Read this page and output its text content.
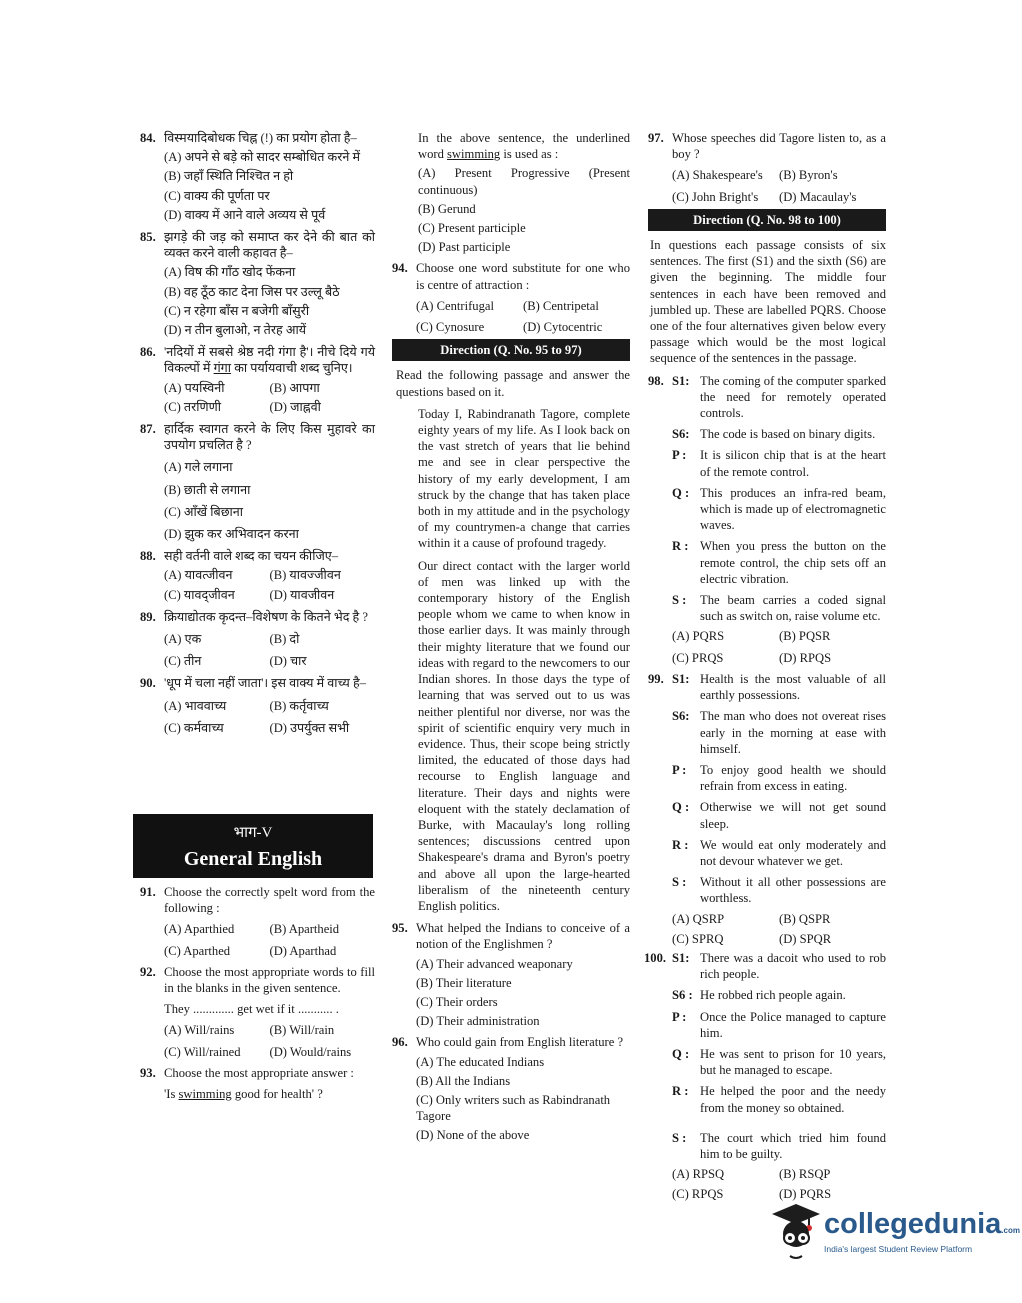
84. विस्मयादिबोधक चिह्न (!) का प्रयोग होता है–
(A) अपने से बड़े को सादर सम्बोधित करने में
(B) जहाँ स्थिति निश्चित न हो
(C) वाक्य की पूर्णता पर
(D) वाक्य में आने वाले अव्यय से पूर्व
85. झगड़े की जड़ को समाप्त कर देने की बात को व्यक्त करने वाली कहावत है–
(A) विष की गाँठ खोद फेंकना
(B) वह ठूँठ काट देना जिस पर उल्लू बैठे
(C) न रहेगा बाँस न बजेगी बाँसुरी
(D) न तीन बुलाओ, न तेरह आयें
86. 'नदियों में सबसे श्रेष्ठ नदी गंगा है'। नीचे दिये गये विकल्पों में गंगा का पर्यायवाची शब्द चुनिए।
(A) पयस्विनी	(B) आपगा
(C) तरणिणी	(D) जाह्नवी
87. हार्दिक स्वागत करने के लिए किस मुहावरे का उपयोग प्रचलित है ?
(A) गले लगाना
(B) छाती से लगाना
(C) आँखें बिछाना
(D) झुक कर अभिवादन करना
88. सही वर्तनी वाले शब्द का चयन कीजिए–
(A) यावत्जीवन	(B) यावज्जीवन
(C) यावद्जीवन	(D) यावजीवन
89. क्रियाद्योतक कृदन्त–विशेषण के कितने भेद है ?
(A) एक	(B) दो
(C) तीन	(D) चार
90. 'धूप में चला नहीं जाता'। इस वाक्य में वाच्य है–
(A) भाववाच्य	(B) कर्तृवाच्य
(C) कर्मवाच्य	(D) उपर्युक्त सभी
भाग-V
General English
91. Choose the correctly spelt word from the following :
(A) Aparthied	(B) Apartheid
(C) Aparthed	(D) Aparthad
92. Choose the most appropriate words to fill in the blanks in the given sentence.
They ............. get wet if it ........... .
(A) Will/rains	(B) Will/rain
(C) Will/rained	(D) Would/rains
93. Choose the most appropriate answer :
'Is swimming good for health' ?
In the above sentence, the underlined word swimming is used as :
(A) Present Progressive (Present continuous)
(B) Gerund
(C) Present participle
(D) Past participle
94. Choose one word substitute for one who is centre of attraction :
(A) Centrifugal	(B) Centripetal
(C) Cynosure	(D) Cytocentric
Direction (Q. No. 95 to 97)
Read the following passage and answer the questions based on it.
Today I, Rabindranath Tagore, complete eighty years of my life. As I look back on the vast stretch of years that lie behind me and see in clear perspective the history of my early development, I am struck by the change that has taken place both in my attitude and in the psychology of my countrymen-a change that carries within it a cause of profound tragedy.
Our direct contact with the larger world of men was linked up with the contemporary history of the English people whom we came to when know in those earlier days. It was mainly through their mighty literature that we found our ideas with regard to the newcomers to our Indian shores. In those days the type of learning that was served out to us was neither plentiful nor diverse, nor was the spirit of scientific enquiry very much in evidence. Thus, their scope being strictly limited, the educated of those days had recourse to English language and literature. Their days and nights were eloquent with the stately declamation of Burke, with Macaulay's long rolling sentences; discussions centred upon Shakespeare's drama and Byron's poetry and above all upon the large-hearted liberalism of the nineteenth century English politics.
95. What helped the Indians to conceive of a notion of the Englishmen ?
(A) Their advanced weaponary
(B) Their literature
(C) Their orders
(D) Their administration
96. Who could gain from English literature ?
(A) The educated Indians
(B) All the Indians
(C) Only writers such as Rabindranath Tagore
(D) None of the above
97. Whose speeches did Tagore listen to, as a boy ?
(A) Shakespeare's	(B) Byron's
(C) John Bright's	(D) Macaulay's
Direction (Q. No. 98 to 100)
In questions each passage consists of six sentences. The first (S1) and the sixth (S6) are given the beginning. The middle four sentences in each have been removed and jumbled up. These are labelled PQRS. Choose one of the four alternatives given below every passage which would be the most logical sequence of the sentences in the passage.
98. S1: The coming of the computer sparked the need for remotely operated controls.
S6: The code is based on binary digits.
P :	It is silicon chip that is at the heart of the remote control.
Q : This produces an infra-red beam, which is made up of electromagnetic waves.
R : When you press the button on the remote control, the chip sets off an electric vibration.
S :	The beam carries a coded signal such as switch on, raise volume etc.
(A) PQRS	(B) PQSR
(C) PRQS	(D) RPQS
99. S1: Health is the most valuable of all earthly possessions.
S6: The man who does not overeat rises early in the morning at ease with himself.
P :	To enjoy good health we should refrain from excess in eating.
Q : Otherwise we will not get sound sleep.
R : We would eat only moderately and not devour whatever we get.
S :	Without it all other possessions are worthless.
(A) QSRP	(B) QSPR
(C) SPRQ	(D) SPQR
100. S1: There was a dacoit who used to rob rich people.
S6 : He robbed rich people again.
P :	Once the Police managed to capture him.
Q : He was sent to prison for 10 years, but he managed to escape.
R : He helped the poor and the needy from the money so obtained.
S :	The court which tried him found him to be guilty.
(A) RPSQ	(B) RSQP
(C) RPQS	(D) PQRS
collegedunia.com
India's largest Student Review Platform
